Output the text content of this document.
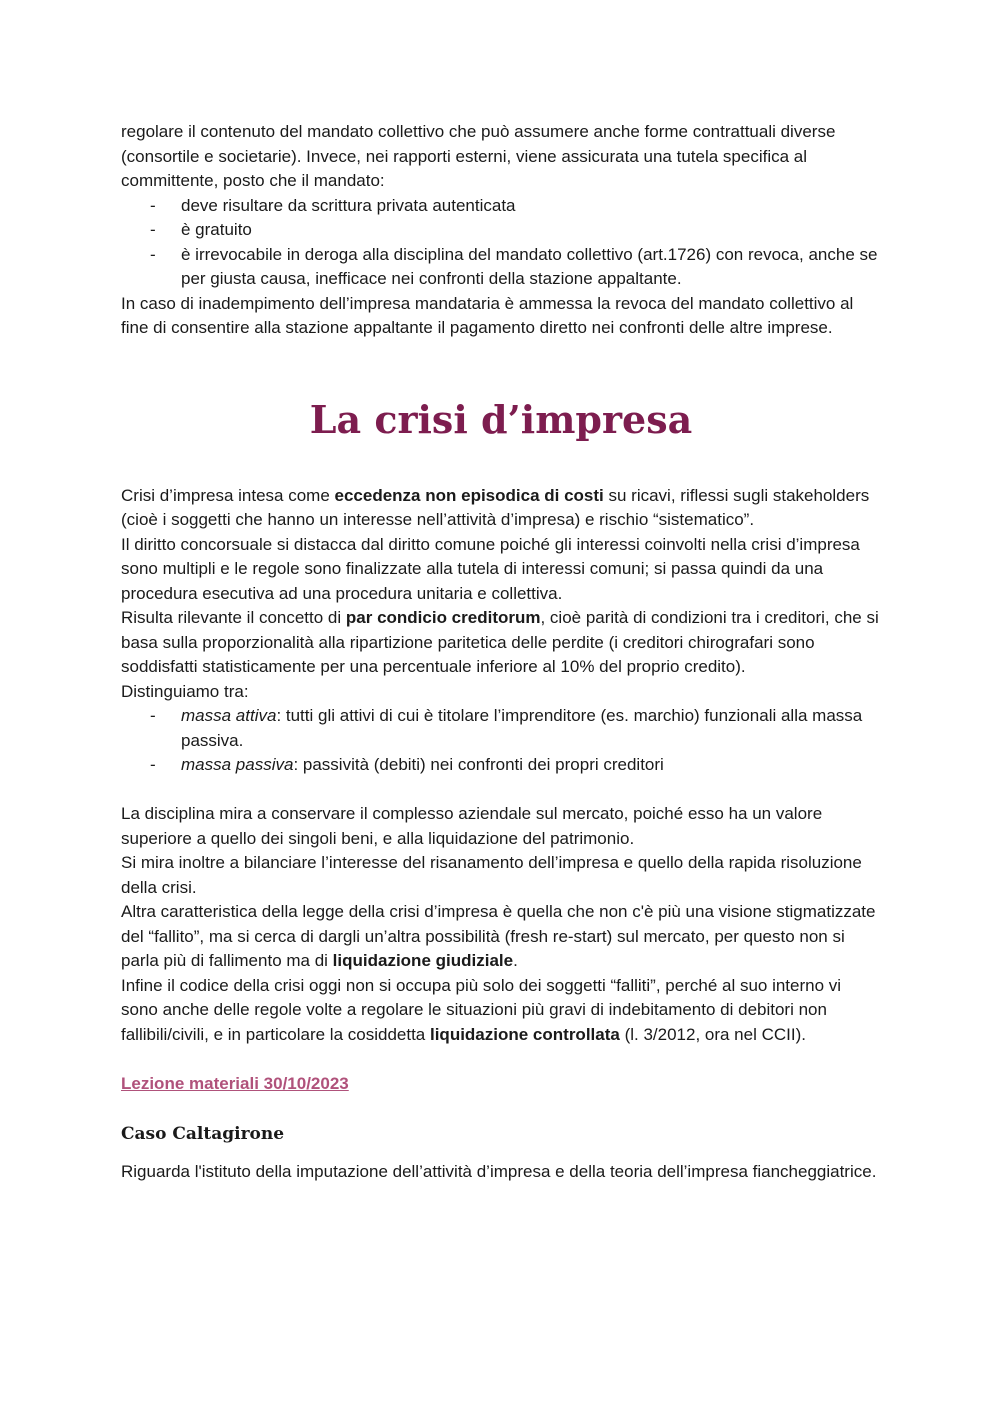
regolare il contenuto del mandato collettivo che può assumere anche forme contrattuali diverse (consortile e societarie). Invece, nei rapporti esterni, viene assicurata una tutela specifica al committente, posto che il mandato:

- deve risultare da scrittura privata autenticata
- è gratuito
- è irrevocabile in deroga alla disciplina del mandato collettivo (art.1726) con revoca, anche se per giusta causa, inefficace nei confronti della stazione appaltante.

In caso di inadempimento dell’impresa mandataria è ammessa la revoca del mandato collettivo al fine di consentire alla stazione appaltante il pagamento diretto nei confronti delle altre imprese.

La crisi d’impresa

Crisi d’impresa intesa come eccedenza non episodica di costi su ricavi, riflessi sugli stakeholders (cioè i soggetti che hanno un interesse nell’attività d’impresa) e rischio “sistematico”.

Il diritto concorsuale si distacca dal diritto comune poiché gli interessi coinvolti nella crisi d’impresa sono multipli e le regole sono finalizzate alla tutela di interessi comuni; si passa quindi da una procedura esecutiva ad una procedura unitaria e collettiva.

Risulta rilevante il concetto di par condicio creditorum, cioè parità di condizioni tra i creditori, che si basa sulla proporzionalità alla ripartizione paritetica delle perdite (i creditori chirografari sono soddisfatti statisticamente per una percentuale inferiore al 10% del proprio credito).

Distinguiamo tra:

- massa attiva: tutti gli attivi di cui è titolare l’imprenditore (es. marchio) funzionali alla massa passiva.
- massa passiva: passività (debiti) nei confronti dei propri creditori

La disciplina mira a conservare il complesso aziendale sul mercato, poiché esso ha un valore superiore a quello dei singoli beni, e alla liquidazione del patrimonio.

Si mira inoltre a bilanciare l’interesse del risanamento dell’impresa e quello della rapida risoluzione della crisi.

Altra caratteristica della legge della crisi d’impresa è quella che non c'è più una visione stigmatizzate del “fallito”, ma si cerca di dargli un’altra possibilità (fresh re-start) sul mercato, per questo non si parla più di fallimento ma di liquidazione giudiziale.

Infine il codice della crisi oggi non si occupa più solo dei soggetti “falliti”, perché al suo interno vi sono anche delle regole volte a regolare le situazioni più gravi di indebitamento di debitori non fallibili/civili, e in particolare la cosiddetta liquidazione controllata (l. 3/2012, ora nel CCII).

Lezione materiali 30/10/2023

Caso Caltagirone

Riguarda l'istituto della imputazione dell’attività d’impresa e della teoria dell’impresa fiancheggiatrice.
